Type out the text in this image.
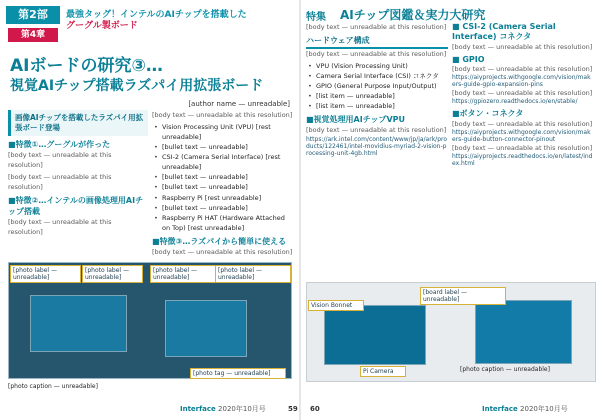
第2部
第4章
最強タッグ！インテルのAIチップを搭載した
グーグル製ボード
AIボードの研究③…
視覚AIチップ搭載ラズパイ用拡張ボード
[author name — unreadable]
画像AIチップを搭載したラズパイ用拡張ボード登場
■特徴①…グーグルが作った
[body text — unreadable at this resolution]
[body text — unreadable at this resolution]
■特徴②…インテルの画像処理用AIチップ搭載
[body text — unreadable at this resolution]
[body text — unreadable at this resolution]
• Vision Processing Unit (VPU) [rest unreadable]
• [bullet text — unreadable]
• CSI-2 (Camera Serial Interface) [rest unreadable]
• [bullet text — unreadable]
• [bullet text — unreadable]
• Raspberry Pi [rest unreadable]
• [bullet text — unreadable]
• Raspberry Pi HAT (Hardware Attached on Top) [rest unreadable]
■特徴③…ラズパイから簡単に使える
[body text — unreadable at this resolution]
[photo label — unreadable]
[photo label — unreadable]
[photo label — unreadable]
[photo label — unreadable]
[photo tag — unreadable]
[photo caption — unreadable]
Interface 2020年10月号	59
特集 AIチップ図鑑＆実力大研究
[body text — unreadable at this resolution]
ハードウェア構成
[body text — unreadable at this resolution]
• VPU (Vision Processing Unit)
• Camera Serial Interface (CSI) コネクタ
• GPIO (General Purpose Input/Output)
• [list item — unreadable]
• [list item — unreadable]
■視覚処理用AIチップVPU
[body text — unreadable at this resolution]
https://ark.intel.com/content/www/jp/ja/ark/products/122461/intel-movidius-myriad-2-vision-processing-unit-4gb.html
■ CSI-2 (Camera Serial Interface) コネクタ
[body text — unreadable at this resolution]
■ GPIO
[body text — unreadable at this resolution]
https://aiyprojects.withgoogle.com/vision/makers-guide-gpio-expansion-pins
[body text — unreadable at this resolution]
https://gpiozero.readthedocs.io/en/stable/
■ボタン・コネクタ
[body text — unreadable at this resolution]
https://aiyprojects.withgoogle.com/vision/makers-guide-button-connector-pinout
[body text — unreadable at this resolution]
https://aiyprojects.readthedocs.io/en/latest/index.html
[board label — unreadable]
Vision Bonnet
Pi Camera	[photo caption — unreadable]
60	Interface 2020年10月号
